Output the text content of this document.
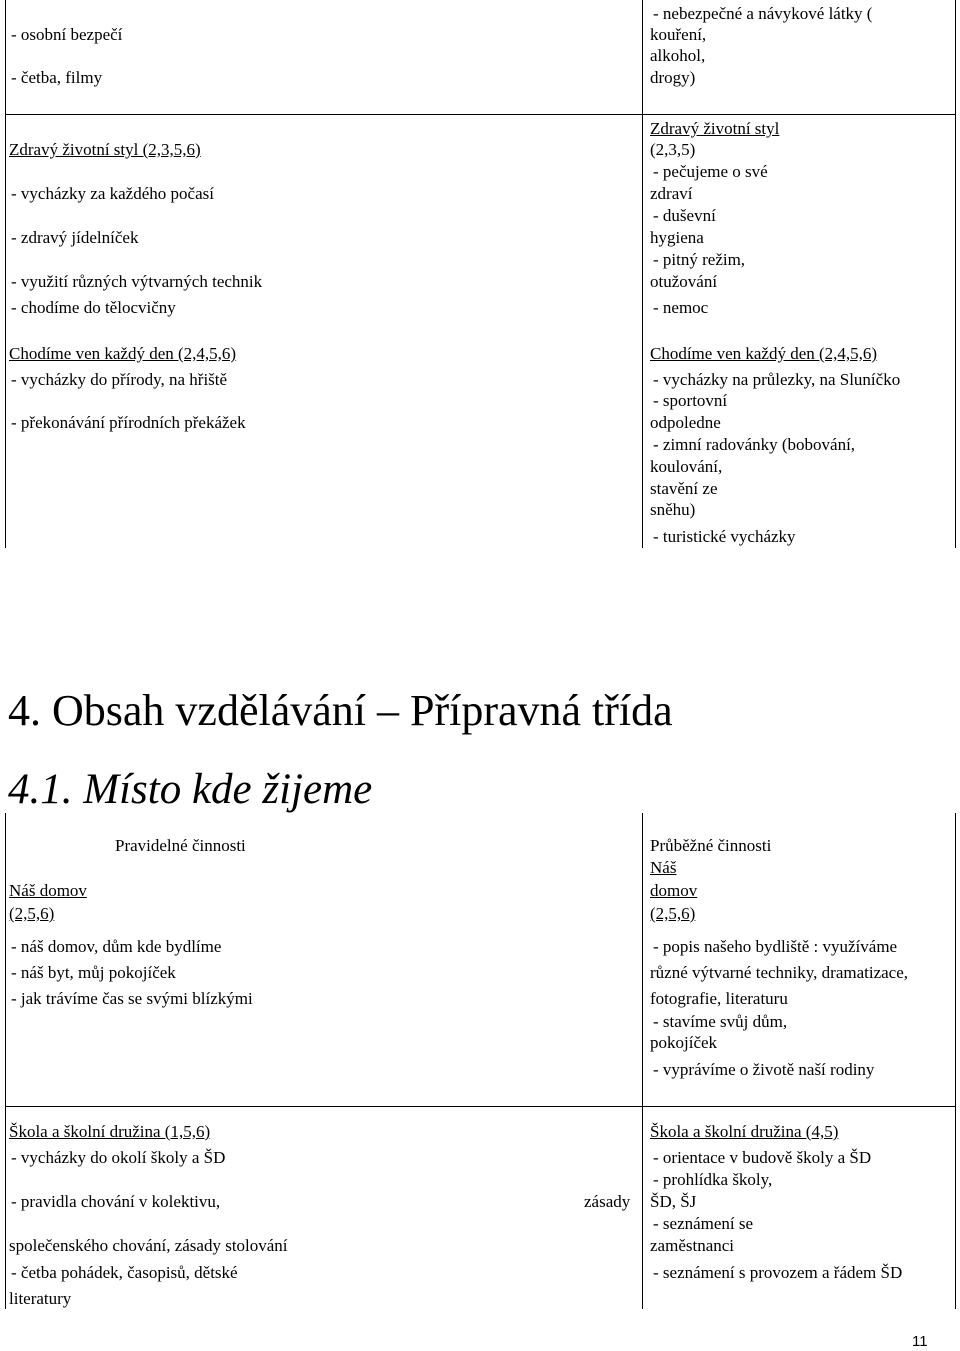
- osobní bezpečí
- četba, filmy
Zdravý životní styl (2,3,5,6)
- vycházky za každého počasí
- zdravý jídelníček
- využití různých výtvarných technik
- chodíme do tělocvičny
Chodíme ven každý den (2,4,5,6)
- vycházky do přírody, na hřiště
- překonávání přírodních překážek
- nebezpečné a návykové látky (
kouření,
alkohol,
drogy)
Zdravý životní styl
(2,3,5)
- pečujeme o své
zdraví
- duševní
hygiena
- pitný režim,
otužování
- nemoc
Chodíme ven každý den (2,4,5,6)
- vycházky na průlezky, na Sluníčko
- sportovní
odpoledne
- zimní radovánky (bobování,
koulování,
stavění ze
sněhu)
- turistické vycházky
4. Obsah vzdělávání – Přípravná třída
4.1. Místo kde žijeme
Pravidelné činnosti	Průběžné činnosti
Náš domov
(2,5,6)
- náš domov, dům kde bydlíme
- náš byt, můj pokojíček
- jak trávíme čas se svými blízkými
Náš
domov
(2,5,6)
- popis našeho bydliště : využíváme
různé výtvarné techniky, dramatizace,
fotografie, literaturu
- stavíme svůj dům,
pokojíček
- vyprávíme o životě naší rodiny
Škola a školní družina (1,5,6)
- vycházky do okolí školy a ŠD
- pravidla chování v kolektivu,	zásady
společenského chování, zásady stolování
- četba pohádek, časopisů, dětské
literatury
Škola a školní družina (4,5)
- orientace v budově školy a ŠD
- prohlídka školy,
ŠD, ŠJ
- seznámení se
zaměstnanci
- seznámení s provozem a řádem ŠD
11
